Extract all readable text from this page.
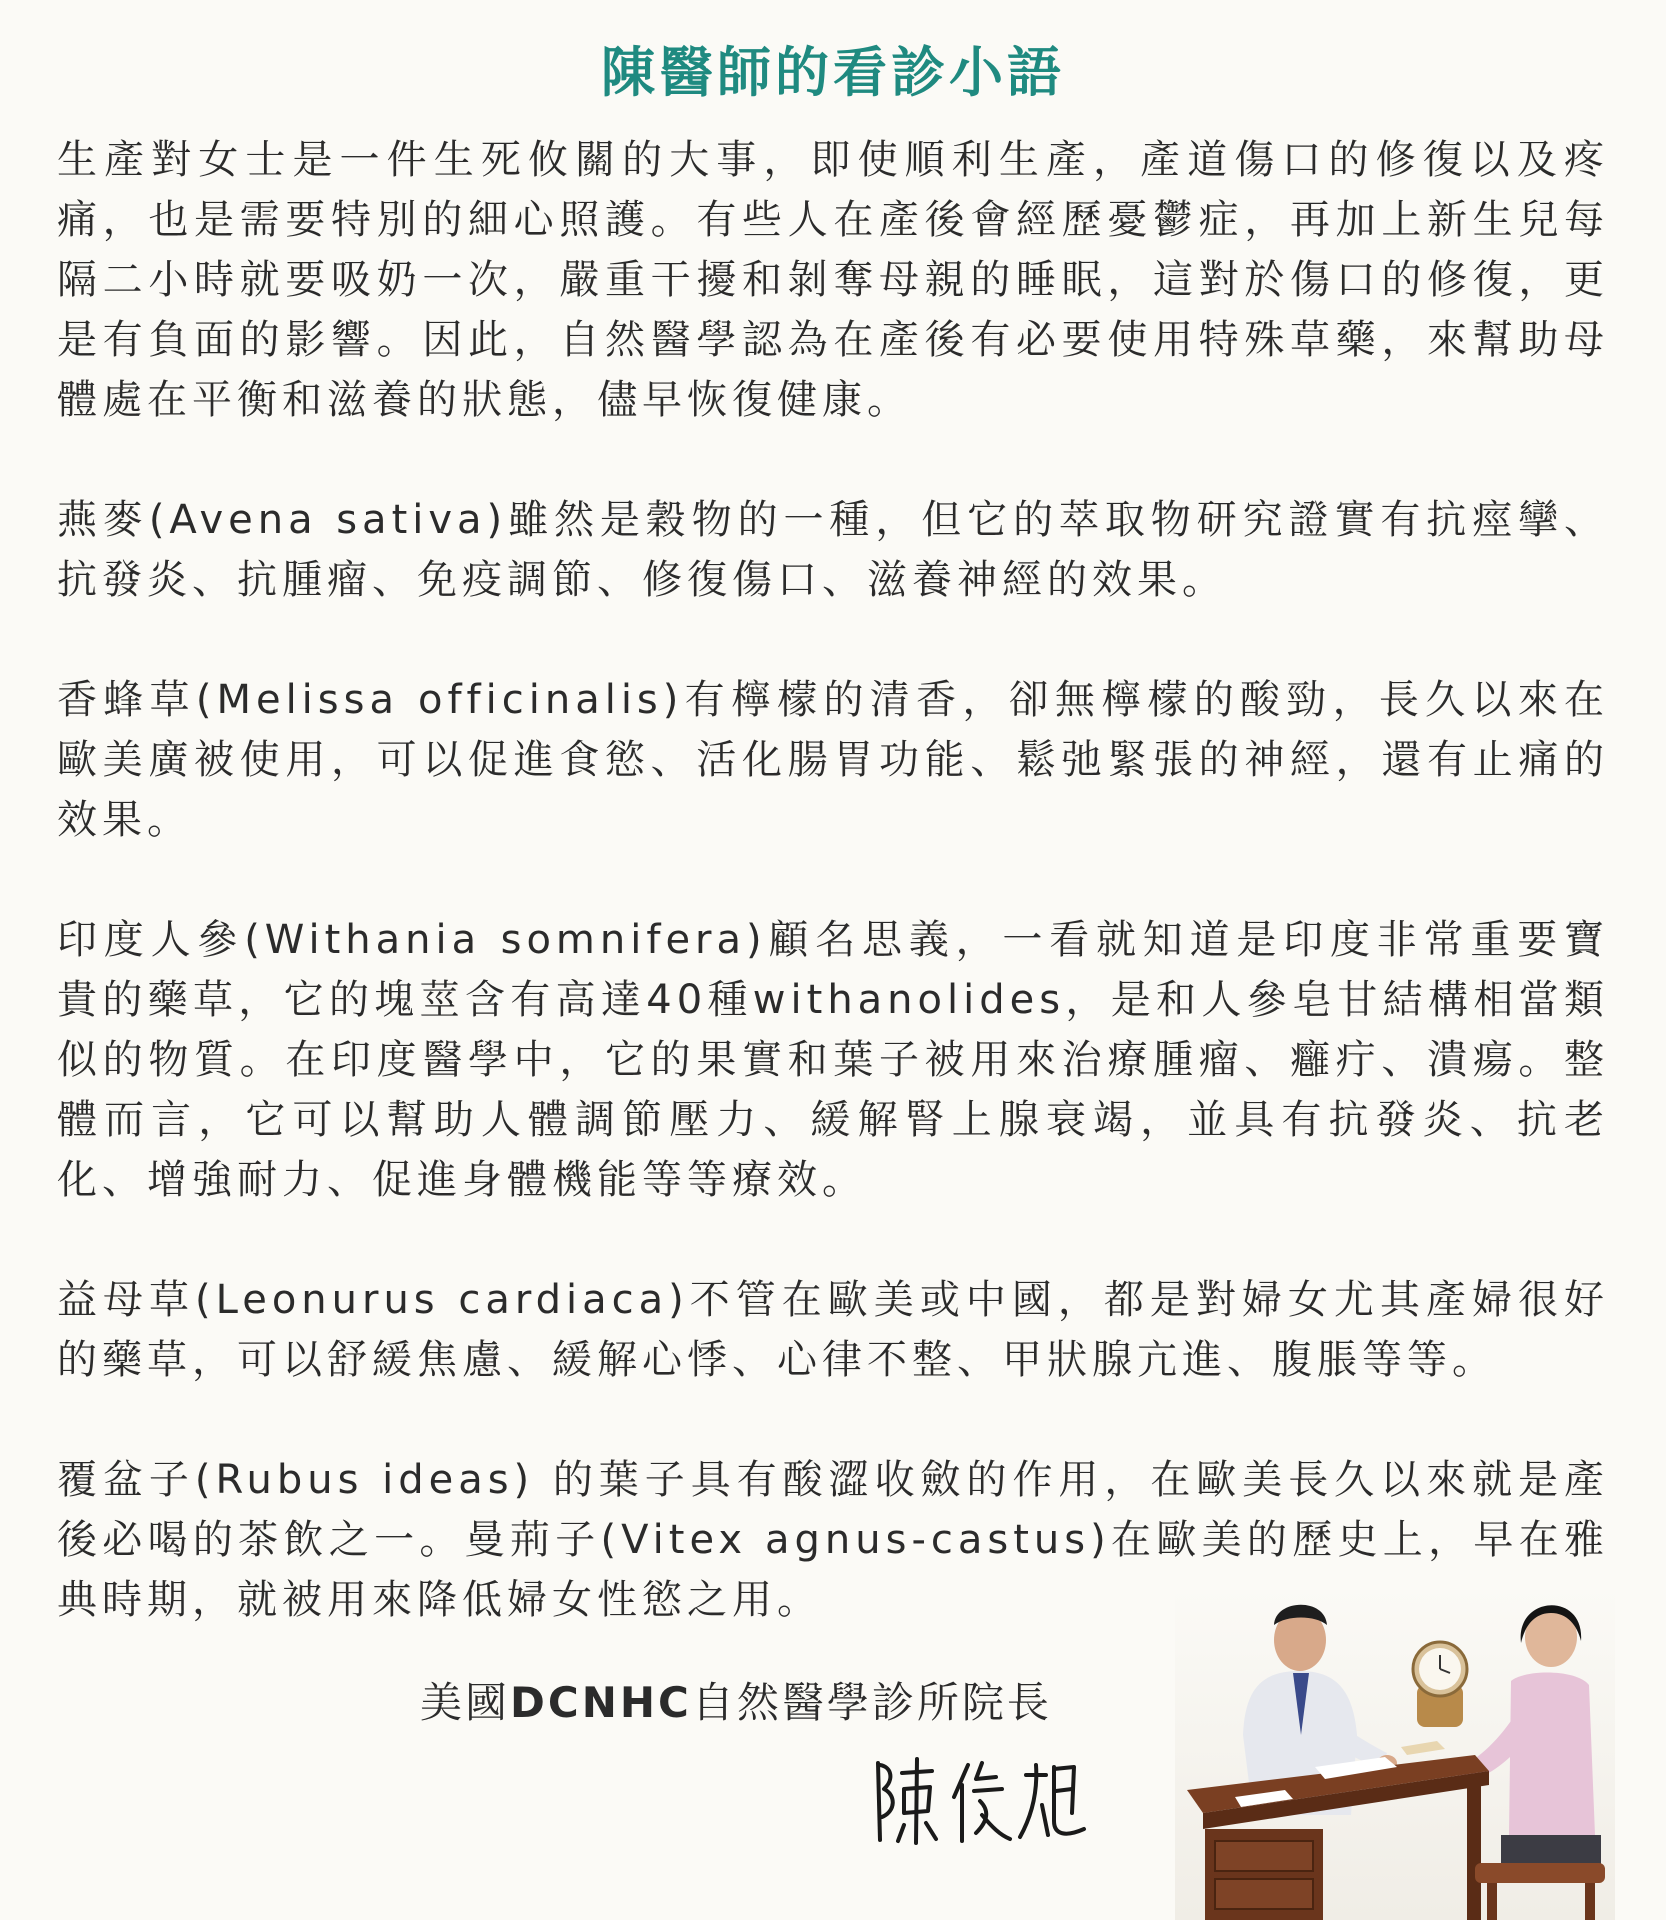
陳醫師的看診小語

生產對女士是一件生死攸關的大事，即使順利生產，產道傷口的修復以及疼痛，也是需要特別的細心照護。有些人在產後會經歷憂鬱症，再加上新生兒每隔二小時就要吸奶一次，嚴重干擾和剝奪母親的睡眠，這對於傷口的修復，更是有負面的影響。因此，自然醫學認為在產後有必要使用特殊草藥，來幫助母體處在平衡和滋養的狀態，儘早恢復健康。

燕麥(Avena sativa)雖然是穀物的一種，但它的萃取物研究證實有抗痙攣、抗發炎、抗腫瘤、免疫調節、修復傷口、滋養神經的效果。

香蜂草(Melissa officinalis)有檸檬的清香，卻無檸檬的酸勁，長久以來在歐美廣被使用，可以促進食慾、活化腸胃功能、鬆弛緊張的神經，還有止痛的效果。

印度人參(Withania somnifera)顧名思義，一看就知道是印度非常重要寶貴的藥草，它的塊莖含有高達40種withanolides，是和人參皂甘結構相當類似的物質。在印度醫學中，它的果實和葉子被用來治療腫瘤、癰疔、潰瘍。整體而言，它可以幫助人體調節壓力、緩解腎上腺衰竭，並具有抗發炎、抗老化、增強耐力、促進身體機能等等療效。

益母草(Leonurus cardiaca)不管在歐美或中國，都是對婦女尤其產婦很好的藥草，可以舒緩焦慮、緩解心悸、心律不整、甲狀腺亢進、腹脹等等。

覆盆子(Rubus ideas) 的葉子具有酸澀收斂的作用，在歐美長久以來就是產後必喝的茶飲之一。曼荊子(Vitex agnus-castus)在歐美的歷史上，早在雅典時期，就被用來降低婦女性慾之用。

美國DCNHC自然醫學診所院長
